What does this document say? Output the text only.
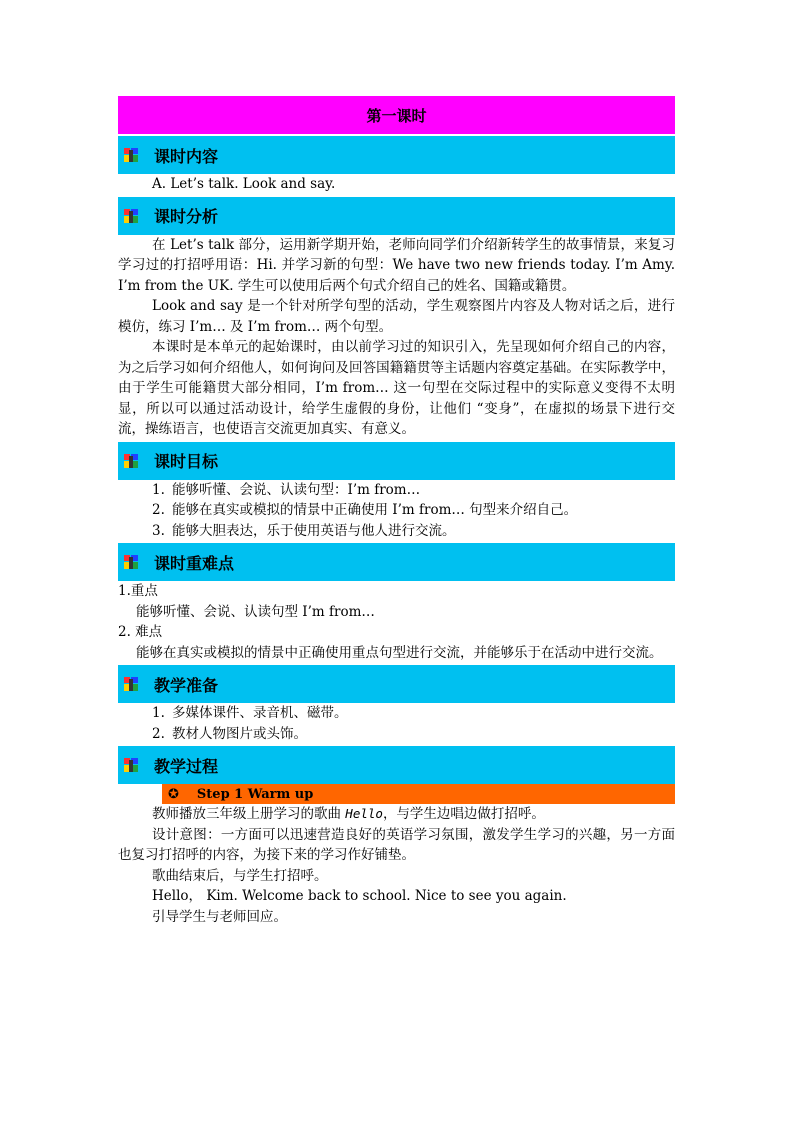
第一课时
课时内容

A. Let’s talk. Look and say.

课时分析

在 Let’s talk 部分，运用新学期开始，老师向同学们介绍新转学生的故事情景，来复习学习过的打招呼用语：Hi. 并学习新的句型：We have two new friends today. I’m Amy. I’m from the UK. 学生可以使用后两个句式介绍自己的姓名、国籍或籍贯。

Look and say 是一个针对所学句型的活动，学生观察图片内容及人物对话之后，进行模仿，练习 I’m… 及 I’m from… 两个句型。

本课时是本单元的起始课时，由以前学习过的知识引入，先呈现如何介绍自己的内容，为之后学习如何介绍他人，如何询问及回答国籍籍贯等主话题内容奠定基础。在实际教学中，由于学生可能籍贯大部分相同，I’m from… 这一句型在交际过程中的实际意义变得不太明显，所以可以通过活动设计，给学生虚假的身份，让他们 “变身”，在虚拟的场景下进行交流，操练语言，也使语言交流更加真实、有意义。

课时目标
1. 能够听懂、会说、认读句型：I’m from…
2. 能够在真实或模拟的情景中正确使用 I’m from… 句型来介绍自己。
3. 能够大胆表达，乐于使用英语与他人进行交流。
课时重难点

1.重点

能够听懂、会说、认读句型 I’m from…

2. 难点

能够在真实或模拟的情景中正确使用重点句型进行交流，并能够乐于在活动中进行交流。

教学准备
1. 多媒体课件、录音机、磁带。
2. 教材人物图片或头饰。
教学过程
✪ Step 1 Warm up

教师播放三年级上册学习的歌曲 Hello，与学生边唱边做打招呼。

设计意图：一方面可以迅速营造良好的英语学习氛围，激发学生学习的兴趣，另一方面也复习打招呼的内容，为接下来的学习作好铺垫。

歌曲结束后，与学生打招呼。

Hello， Kim. Welcome back to school. Nice to see you again.

引导学生与老师回应。
